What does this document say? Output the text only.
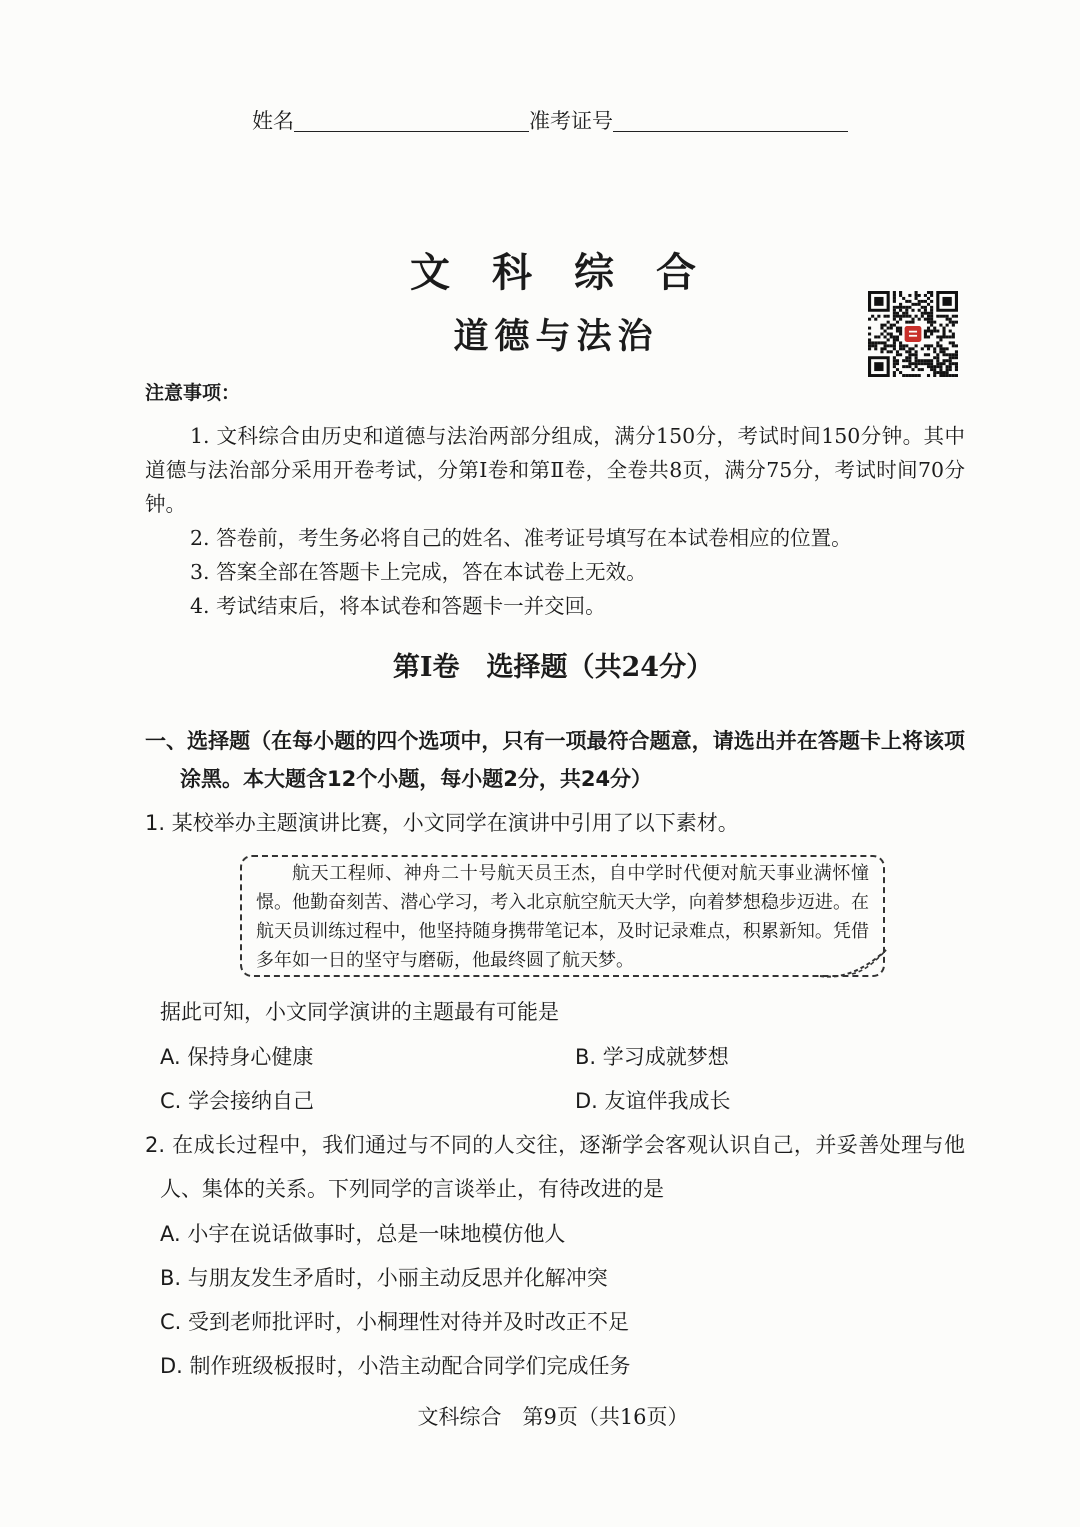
姓名	准考证号
文科综合
道德与法治
注意事项：
1. 文科综合由历史和道德与法治两部分组成，满分150分，考试时间150分钟。其中道德与法治部分采用开卷考试，分第Ⅰ卷和第Ⅱ卷，全卷共8页，满分75分，考试时间70分钟。
2. 答卷前，考生务必将自己的姓名、准考证号填写在本试卷相应的位置。
3. 答案全部在答题卡上完成，答在本试卷上无效。
4. 考试结束后，将本试卷和答题卡一并交回。
第Ⅰ卷　选择题（共24分）
一、选择题（在每小题的四个选项中，只有一项最符合题意，请选出并在答题卡上将该项涂黑。本大题含12个小题，每小题2分，共24分）
1. 某校举办主题演讲比赛，小文同学在演讲中引用了以下素材。
航天工程师、神舟二十号航天员王杰，自中学时代便对航天事业满怀憧憬。他勤奋刻苦、潜心学习，考入北京航空航天大学，向着梦想稳步迈进。在航天员训练过程中，他坚持随身携带笔记本，及时记录难点，积累新知。凭借多年如一日的坚守与磨砺，他最终圆了航天梦。
据此可知，小文同学演讲的主题最有可能是
A. 保持身心健康	B. 学习成就梦想
C. 学会接纳自己	D. 友谊伴我成长
2. 在成长过程中，我们通过与不同的人交往，逐渐学会客观认识自己，并妥善处理与他人、集体的关系。下列同学的言谈举止，有待改进的是
A. 小宇在说话做事时，总是一味地模仿他人
B. 与朋友发生矛盾时，小丽主动反思并化解冲突
C. 受到老师批评时，小桐理性对待并及时改正不足
D. 制作班级板报时，小浩主动配合同学们完成任务
文科综合　第9页（共16页）
